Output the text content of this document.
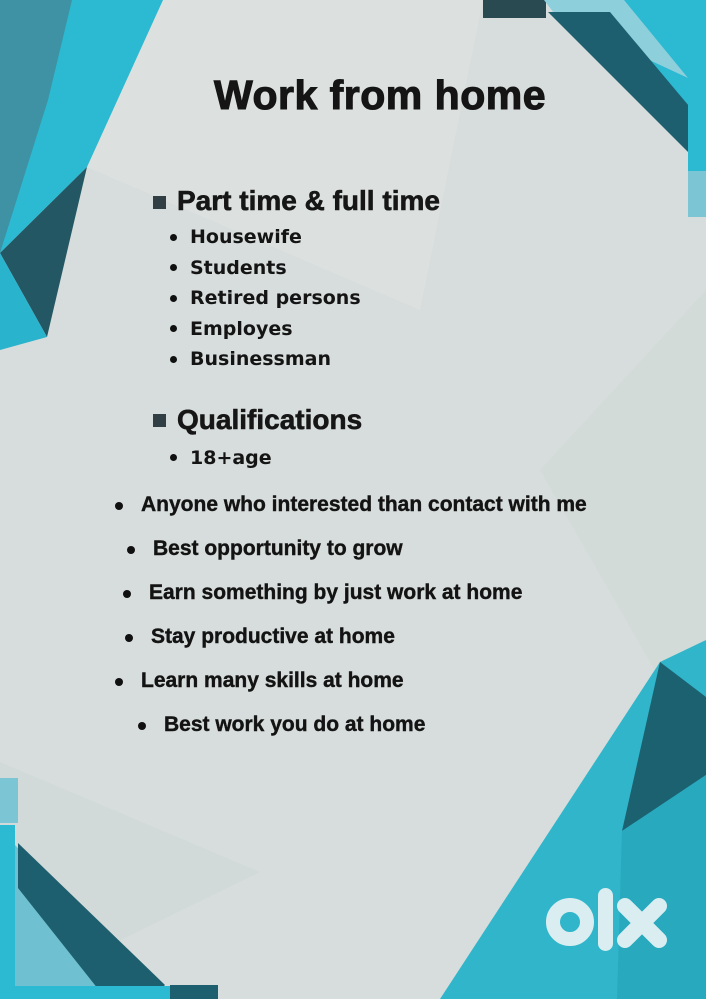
Work from home
Part time & full time
Housewife
Students
Retired persons
Employes
Businessman
Qualifications
18+age
Anyone who interested than contact with me
Best opportunity to grow
Earn something by just work at home
Stay productive at home
Learn many skills at home
Best work you do at home
